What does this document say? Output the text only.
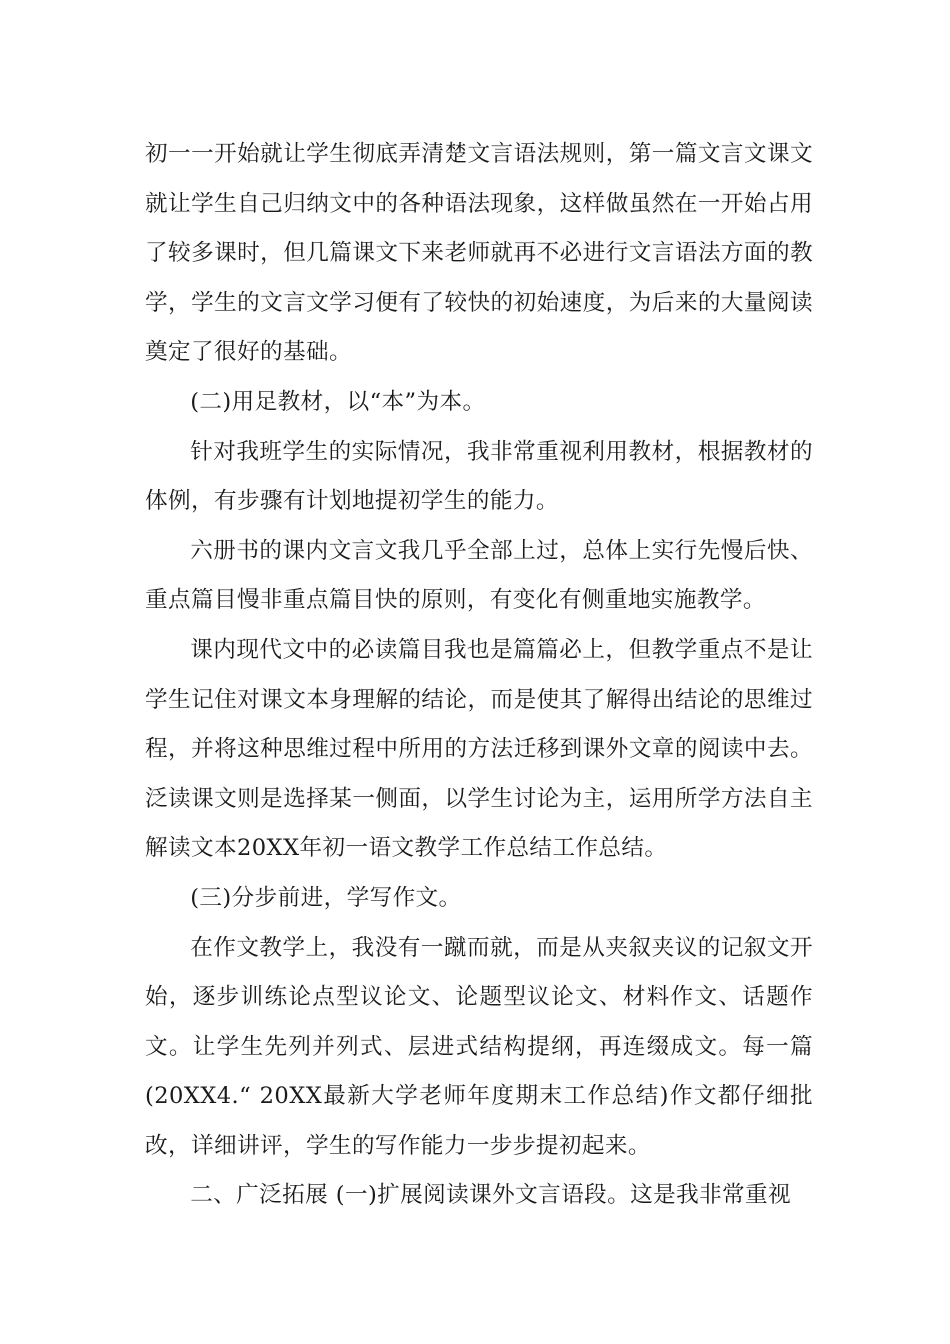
初一一开始就让学生彻底弄清楚文言语法规则，第一篇文言文课文就让学生自己归纳文中的各种语法现象，这样做虽然在一开始占用了较多课时，但几篇课文下来老师就再不必进行文言语法方面的教学，学生的文言文学习便有了较快的初始速度，为后来的大量阅读奠定了很好的基础。

(二)用足教材，以“本”为本。

针对我班学生的实际情况，我非常重视利用教材，根据教材的体例，有步骤有计划地提初学生的能力。

六册书的课内文言文我几乎全部上过，总体上实行先慢后快、重点篇目慢非重点篇目快的原则，有变化有侧重地实施教学。

课内现代文中的必读篇目我也是篇篇必上，但教学重点不是让学生记住对课文本身理解的结论，而是使其了解得出结论的思维过程，并将这种思维过程中所用的方法迁移到课外文章的阅读中去。泛读课文则是选择某一侧面，以学生讨论为主，运用所学方法自主解读文本20XX年初一语文教学工作总结工作总结。

(三)分步前进，学写作文。

在作文教学上，我没有一蹴而就，而是从夹叙夹议的记叙文开始，逐步训练论点型议论文、论题型议论文、材料作文、话题作文。让学生先列并列式、层进式结构提纲，再连缀成文。每一篇(20XX4.“ 20XX最新大学老师年度期末工作总结)作文都仔细批改，详细讲评，学生的写作能力一步步提初起来。

二、广泛拓展 (一)扩展阅读课外文言语段。这是我非常重视
